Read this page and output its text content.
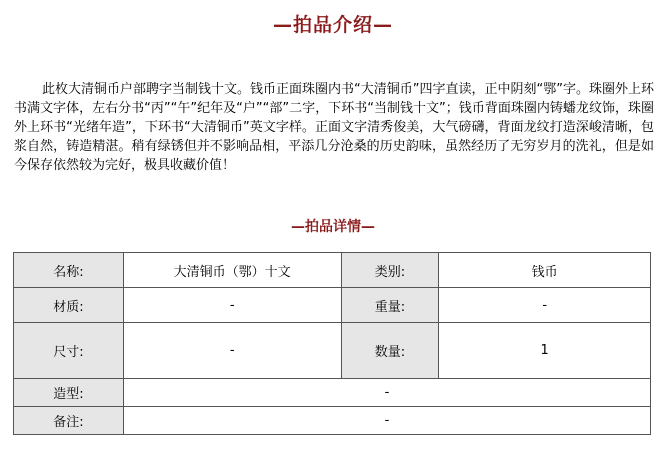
—拍品介绍—

此枚大清铜币户部聘字当制钱十文。钱币正面珠圈内书“大清铜币”四字直读，正中阴刻“鄂”字。珠圈外上环书满文字体，左右分书“丙”“午”纪年及“户”“部”二字，下环书“当制钱十文”；钱币背面珠圈内铸蟠龙纹饰，珠圈外上环书“光绪年造”，下环书“大清铜币”英文字样。正面文字清秀俊美，大气磅礴，背面龙纹打造深峻清晰，包浆自然，铸造精湛。稍有绿锈但并不影响品相，平添几分沧桑的历史韵味，虽然经历了无穷岁月的洗礼，但是如今保存依然较为完好，极具收藏价值！

—拍品详情—
名称:	大清铜币（鄂）十文	类别:	钱币
材质:	-	重量:	-
尺寸:	-	数量:	1
造型:	-		
备注:	-		
